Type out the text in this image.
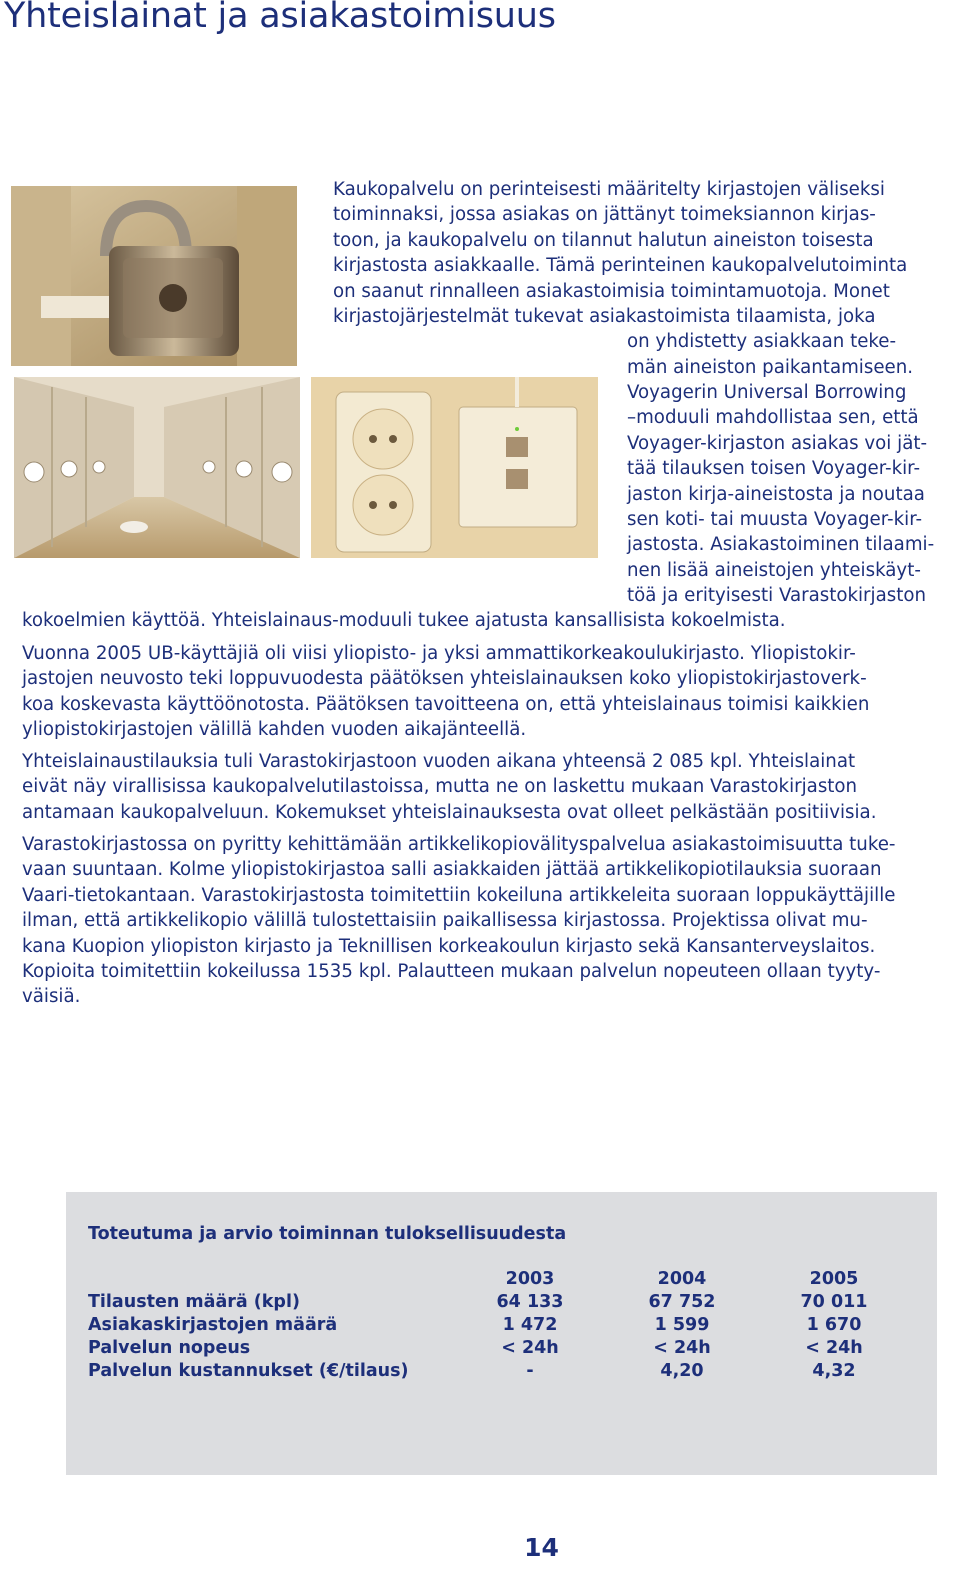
Yhteislainat ja asiakastoimisuus
Kaukopalvelu on perinteisesti määritelty kirjastojen väliseksi
toiminnaksi, jossa asiakas on jättänyt toimeksiannon kirjas-
toon, ja kaukopalvelu on tilannut halutun aineiston toisesta
kirjastosta asiakkaalle. Tämä perinteinen kaukopalvelutoiminta
on saanut rinnalleen asiakastoimisia toimintamuotoja. Monet
kirjastojärjestelmät tukevat asiakastoimista tilaamista, joka
on yhdistetty asiakkaan teke-
män aineiston paikantamiseen.
Voyagerin Universal Borrowing
–moduuli mahdollistaa sen, että
Voyager-kirjaston asiakas voi jät-
tää tilauksen toisen Voyager-kir-
jaston kirja-aineistosta ja noutaa
sen koti- tai muusta Voyager-kir-
jastosta. Asiakastoiminen tilaami-
nen lisää aineistojen yhteiskäyt-
töä ja erityisesti Varastokirjaston
kokoelmien käyttöä. Yhteislainaus-moduuli tukee ajatusta kansallisista kokoelmista.
Vuonna 2005 UB-käyttäjiä oli viisi yliopisto- ja yksi ammattikorkeakoulukirjasto. Yliopistokir-
jastojen neuvosto teki loppuvuodesta päätöksen yhteislainauksen koko yliopistokirjastoverk-
koa koskevasta käyttöönotosta. Päätöksen tavoitteena on, että yhteislainaus toimisi kaikkien
yliopistokirjastojen välillä kahden vuoden aikajänteellä.
Yhteislainaustilauksia tuli Varastokirjastoon vuoden aikana yhteensä 2 085 kpl. Yhteislainat
eivät näy virallisissa kaukopalvelutilastoissa, mutta ne on laskettu mukaan Varastokirjaston
antamaan kaukopalveluun. Kokemukset yhteislainauksesta ovat olleet pelkästään positiivisia.
Varastokirjastossa on pyritty kehittämään artikkelikopiovälityspalvelua asiakastoimisuutta tuke-
vaan suuntaan. Kolme yliopistokirjastoa salli asiakkaiden jättää artikkelikopiotilauksia suoraan
Vaari-tietokantaan. Varastokirjastosta toimitettiin kokeiluna artikkeleita suoraan loppukäyttäjille
ilman, että artikkelikopio välillä tulostettaisiin paikallisessa kirjastossa. Projektissa olivat mu-
kana Kuopion yliopiston kirjasto ja Teknillisen korkeakoulun kirjasto sekä Kansanterveyslaitos.
Kopioita toimitettiin kokeilussa 1535 kpl. Palautteen mukaan palvelun nopeuteen ollaan tyyty-
väisiä.
Toteutuma ja arvio toiminnan tuloksellisuudesta
	2003	2004	2005
Tilausten määrä (kpl)	64 133	67 752	70 011
Asiakaskirjastojen määrä	1 472	1 599	1 670
Palvelun nopeus	< 24h	< 24h	< 24h
Palvelun kustannukset (€/tilaus)	-	4,20	4,32
14
